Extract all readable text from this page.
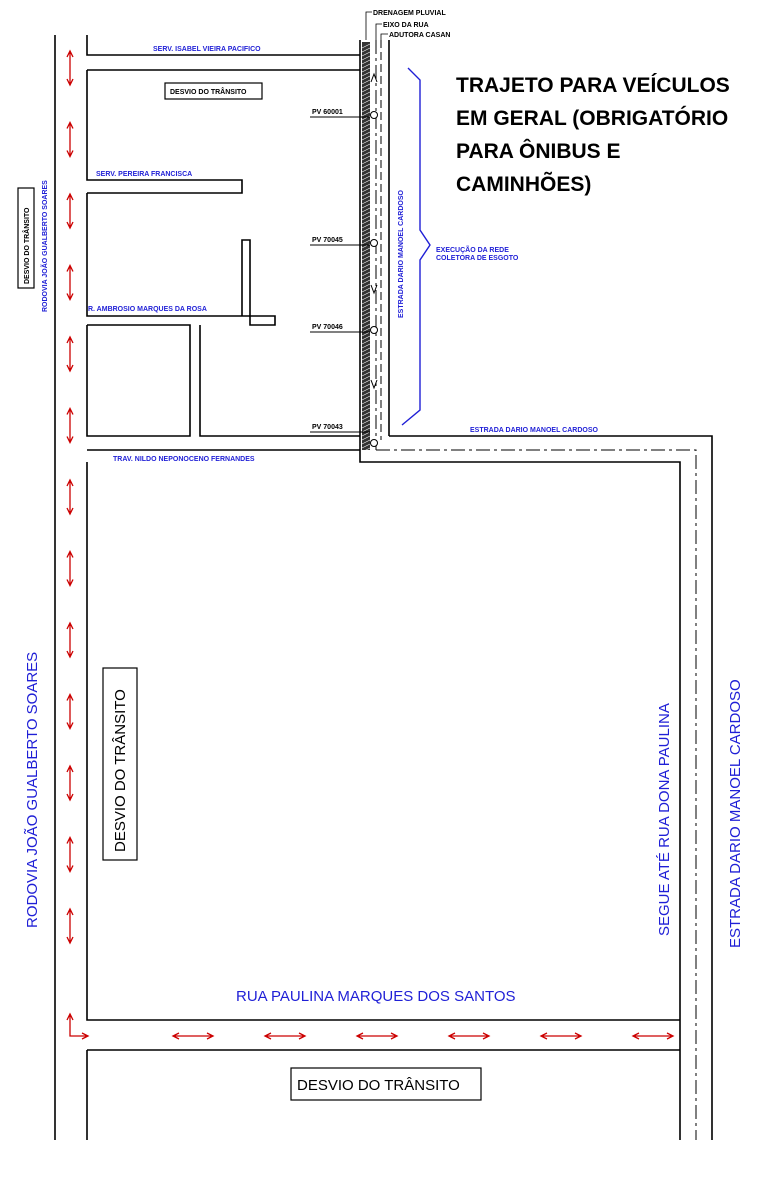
TRAJETO PARA VEÍCULOS
EM GERAL (OBRIGATÓRIO
PARA ÔNIBUS E
CAMINHÕES)
DRENAGEM PLUVIAL
EIXO DA RUA
ADUTORA CASAN
SERV. ISABEL VIEIRA PACIFICO
SERV. PEREIRA FRANCISCA
R. AMBROSIO MARQUES DA ROSA
TRAV. NILDO NEPONOCENO FERNANDES
ESTRADA DARIO MANOEL CARDOSO
ESTRADA DARIO MANOEL CARDOSO
RODOVIA JOÃO GUALBERTO SOARES	EXECUÇÃO DA REDE
COLETORA DE ESGOTO
PV 60001
PV 70045
PV 70046
PV 70043
DESVIO DO TRÂNSITO
DESVIO DO TRÂNSITO
DESVIO DO TRÂNSITO
DESVIO DO TRÂNSITO
RODOVIA JOÃO GUALBERTO SOARES
RUA PAULINA MARQUES DOS SANTOS
SEGUE ATÉ RUA DONA PAULINA	ESTRADA DARIO MANOEL CARDOSO
